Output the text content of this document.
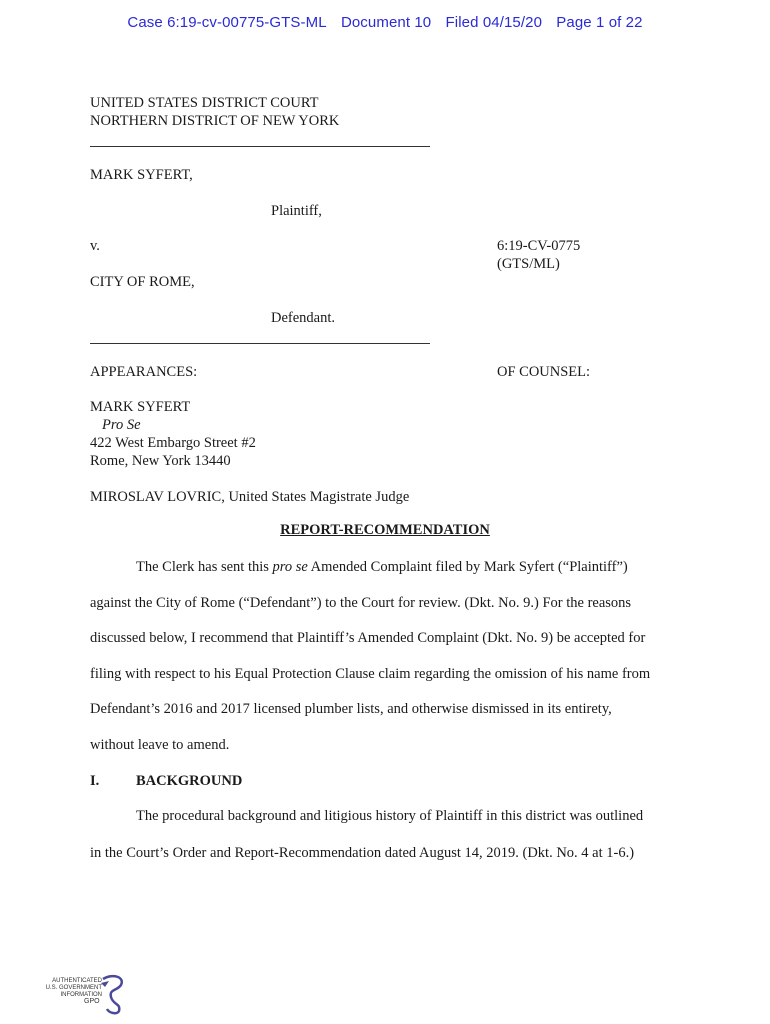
Case 6:19-cv-00775-GTS-ML Document 10 Filed 04/15/20 Page 1 of 22
UNITED STATES DISTRICT COURT
NORTHERN DISTRICT OF NEW YORK
MARK SYFERT,
Plaintiff,
v.	6:19-CV-0775
(GTS/ML)
CITY OF ROME,
Defendant.
APPEARANCES:	OF COUNSEL:
MARK SYFERT
Pro Se
422 West Embargo Street #2
Rome, New York 13440
MIROSLAV LOVRIC, United States Magistrate Judge
REPORT-RECOMMENDATION
The Clerk has sent this pro se Amended Complaint filed by Mark Syfert (“Plaintiff”)
against the City of Rome (“Defendant”) to the Court for review. (Dkt. No. 9.) For the reasons
discussed below, I recommend that Plaintiff’s Amended Complaint (Dkt. No. 9) be accepted for
filing with respect to his Equal Protection Clause claim regarding the omission of his name from
Defendant’s 2016 and 2017 licensed plumber lists, and otherwise dismissed in its entirety,
without leave to amend.
I.	BACKGROUND
The procedural background and litigious history of Plaintiff in this district was outlined
in the Court’s Order and Report-Recommendation dated August 14, 2019. (Dkt. No. 4 at 1-6.)
AUTHENTICATED
U.S. GOVERNMENT
INFORMATION
GPO
